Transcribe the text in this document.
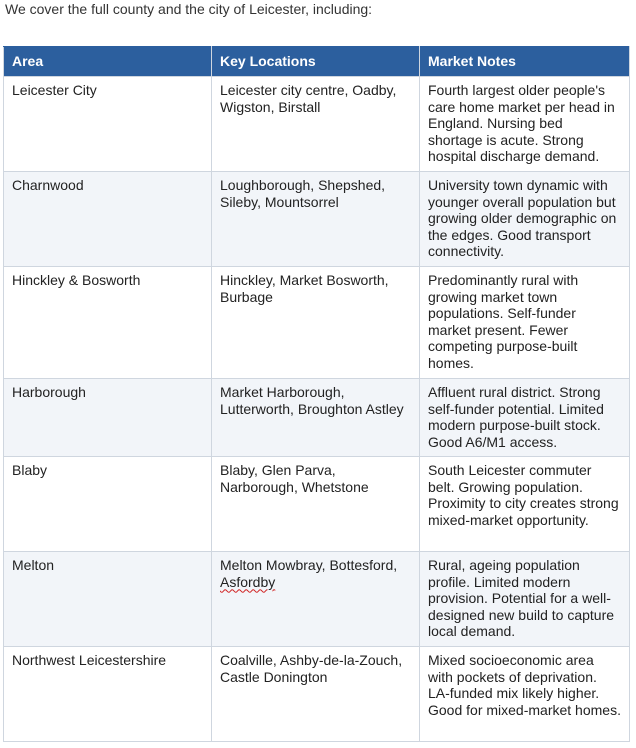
We cover the full county and the city of Leicester, including:
Area	Key Locations	Market Notes
Leicester City	Leicester city centre, Oadby, Wigston, Birstall	Fourth largest older people's care home market per head in England. Nursing bed shortage is acute. Strong hospital discharge demand.
Charnwood	Loughborough, Shepshed, Sileby, Mountsorrel	University town dynamic with younger overall population but growing older demographic on the edges. Good transport connectivity.
Hinckley & Bosworth	Hinckley, Market Bosworth, Burbage	Predominantly rural with growing market town populations. Self-funder market present. Fewer competing purpose-built homes.
Harborough	Market Harborough, Lutterworth, Broughton Astley	Affluent rural district. Strong self-funder potential. Limited modern purpose-built stock. Good A6/M1 access.
Blaby	Blaby, Glen Parva, Narborough, Whetstone	South Leicester commuter belt. Growing population. Proximity to city creates strong mixed-market opportunity.
Melton	Melton Mowbray, Bottesford, Asfordby	Rural, ageing population profile. Limited modern provision. Potential for a well-designed new build to capture local demand.
Northwest Leicestershire	Coalville, Ashby-de-la-Zouch, Castle Donington	Mixed socioeconomic area with pockets of deprivation. LA-funded mix likely higher. Good for mixed-market homes.
